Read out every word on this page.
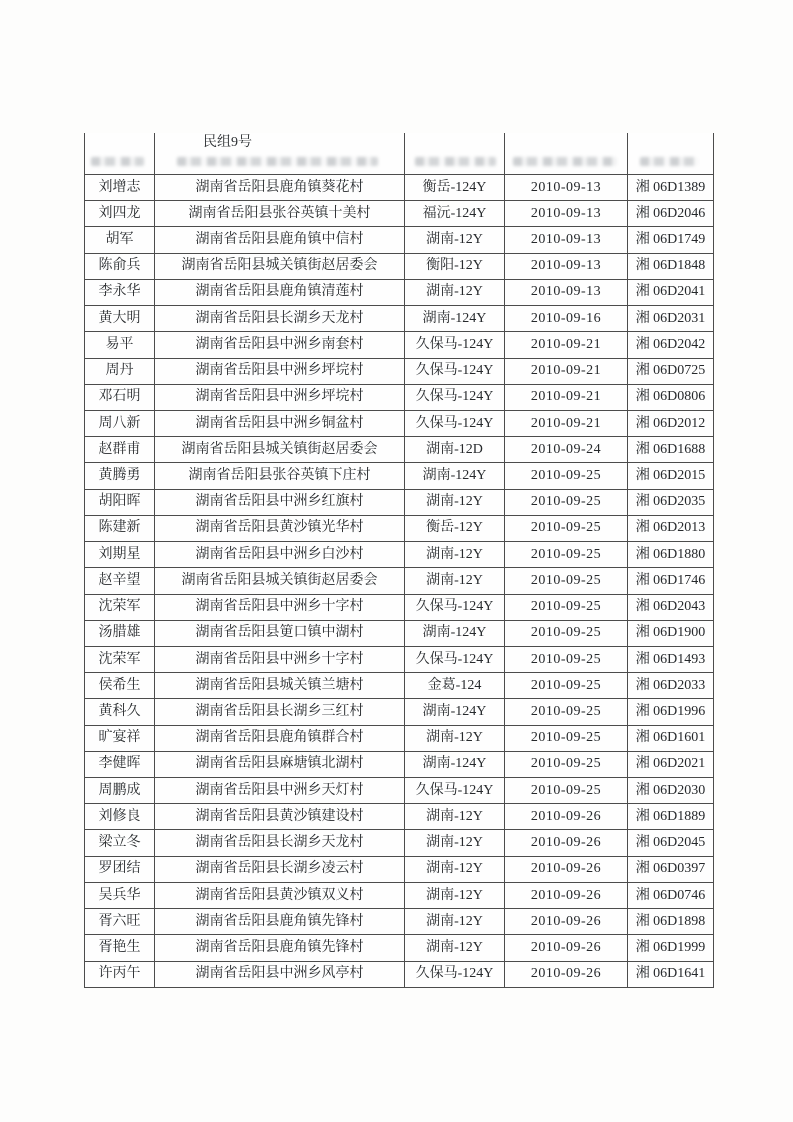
民组9号
刘增志	湖南省岳阳县鹿角镇葵花村	衡岳-124Y	2010-09-13	湘 06D1389
刘四龙	湖南省岳阳县张谷英镇十美村	福沅-124Y	2010-09-13	湘 06D2046
胡军	湖南省岳阳县鹿角镇中信村	湖南-12Y	2010-09-13	湘 06D1749
陈俞兵	湖南省岳阳县城关镇街赵居委会	衡阳-12Y	2010-09-13	湘 06D1848
李永华	湖南省岳阳县鹿角镇清莲村	湖南-12Y	2010-09-13	湘 06D2041
黄大明	湖南省岳阳县长湖乡天龙村	湖南-124Y	2010-09-16	湘 06D2031
易平	湖南省岳阳县中洲乡南套村	久保马-124Y	2010-09-21	湘 06D2042
周丹	湖南省岳阳县中洲乡坪垸村	久保马-124Y	2010-09-21	湘 06D0725
邓石明	湖南省岳阳县中洲乡坪垸村	久保马-124Y	2010-09-21	湘 06D0806
周八新	湖南省岳阳县中洲乡铜盆村	久保马-124Y	2010-09-21	湘 06D2012
赵群甫	湖南省岳阳县城关镇街赵居委会	湖南-12D	2010-09-24	湘 06D1688
黄腾勇	湖南省岳阳县张谷英镇下庄村	湖南-124Y	2010-09-25	湘 06D2015
胡阳晖	湖南省岳阳县中洲乡红旗村	湖南-12Y	2010-09-25	湘 06D2035
陈建新	湖南省岳阳县黄沙镇光华村	衡岳-12Y	2010-09-25	湘 06D2013
刘期星	湖南省岳阳县中洲乡白沙村	湖南-12Y	2010-09-25	湘 06D1880
赵辛望	湖南省岳阳县城关镇街赵居委会	湖南-12Y	2010-09-25	湘 06D1746
沈荣军	湖南省岳阳县中洲乡十字村	久保马-124Y	2010-09-25	湘 06D2043
汤腊雄	湖南省岳阳县筻口镇中湖村	湖南-124Y	2010-09-25	湘 06D1900
沈荣军	湖南省岳阳县中洲乡十字村	久保马-124Y	2010-09-25	湘 06D1493
侯希生	湖南省岳阳县城关镇兰塘村	金葛-124	2010-09-25	湘 06D2033
黄科久	湖南省岳阳县长湖乡三红村	湖南-124Y	2010-09-25	湘 06D1996
旷宴祥	湖南省岳阳县鹿角镇群合村	湖南-12Y	2010-09-25	湘 06D1601
李健晖	湖南省岳阳县麻塘镇北湖村	湖南-124Y	2010-09-25	湘 06D2021
周鹏成	湖南省岳阳县中洲乡天灯村	久保马-124Y	2010-09-25	湘 06D2030
刘修良	湖南省岳阳县黄沙镇建设村	湖南-12Y	2010-09-26	湘 06D1889
梁立冬	湖南省岳阳县长湖乡天龙村	湖南-12Y	2010-09-26	湘 06D2045
罗团结	湖南省岳阳县长湖乡凌云村	湖南-12Y	2010-09-26	湘 06D0397
吴兵华	湖南省岳阳县黄沙镇双义村	湖南-12Y	2010-09-26	湘 06D0746
胥六旺	湖南省岳阳县鹿角镇先锋村	湖南-12Y	2010-09-26	湘 06D1898
胥艳生	湖南省岳阳县鹿角镇先锋村	湖南-12Y	2010-09-26	湘 06D1999
许丙午	湖南省岳阳县中洲乡风亭村	久保马-124Y	2010-09-26	湘 06D1641
